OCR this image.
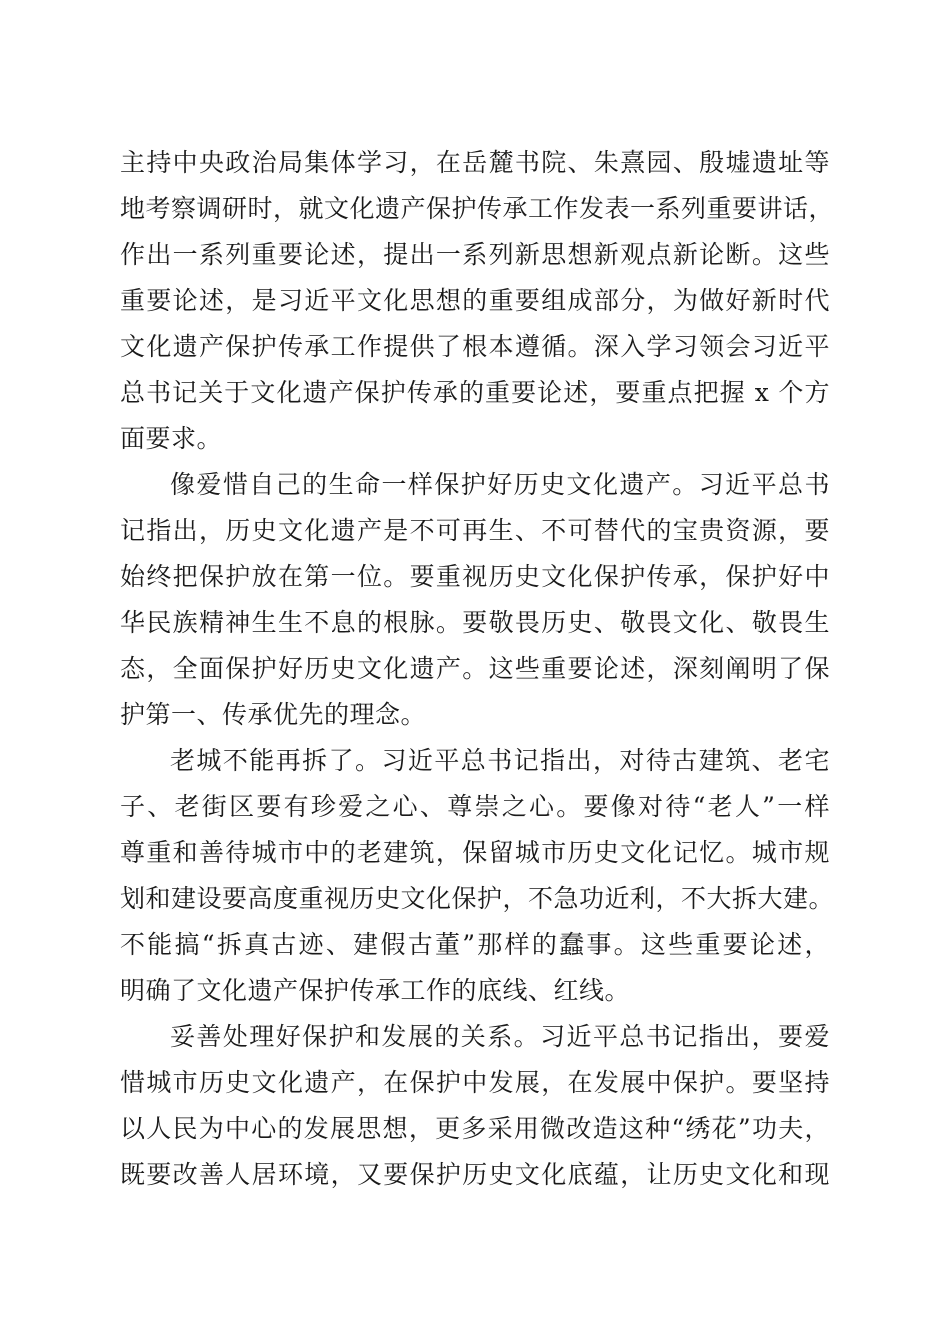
主持中央政治局集体学习，在岳麓书院、朱熹园、殷墟遗址等
地考察调研时，就文化遗产保护传承工作发表一系列重要讲话，
作出一系列重要论述，提出一系列新思想新观点新论断。这些
重要论述，是习近平文化思想的重要组成部分，为做好新时代
文化遗产保护传承工作提供了根本遵循。深入学习领会习近平
总书记关于文化遗产保护传承的重要论述，要重点把握 x 个方
面要求。
像爱惜自己的生命一样保护好历史文化遗产。习近平总书
记指出，历史文化遗产是不可再生、不可替代的宝贵资源，要
始终把保护放在第一位。要重视历史文化保护传承，保护好中
华民族精神生生不息的根脉。要敬畏历史、敬畏文化、敬畏生
态，全面保护好历史文化遗产。这些重要论述，深刻阐明了保
护第一、传承优先的理念。
老城不能再拆了。习近平总书记指出，对待古建筑、老宅
子、老街区要有珍爱之心、尊崇之心。要像对待“老人”一样
尊重和善待城市中的老建筑，保留城市历史文化记忆。城市规
划和建设要高度重视历史文化保护，不急功近利，不大拆大建。
不能搞“拆真古迹、建假古董”那样的蠢事。这些重要论述，
明确了文化遗产保护传承工作的底线、红线。
妥善处理好保护和发展的关系。习近平总书记指出，要爱
惜城市历史文化遗产，在保护中发展，在发展中保护。要坚持
以人民为中心的发展思想，更多采用微改造这种“绣花”功夫，
既要改善人居环境，又要保护历史文化底蕴，让历史文化和现
